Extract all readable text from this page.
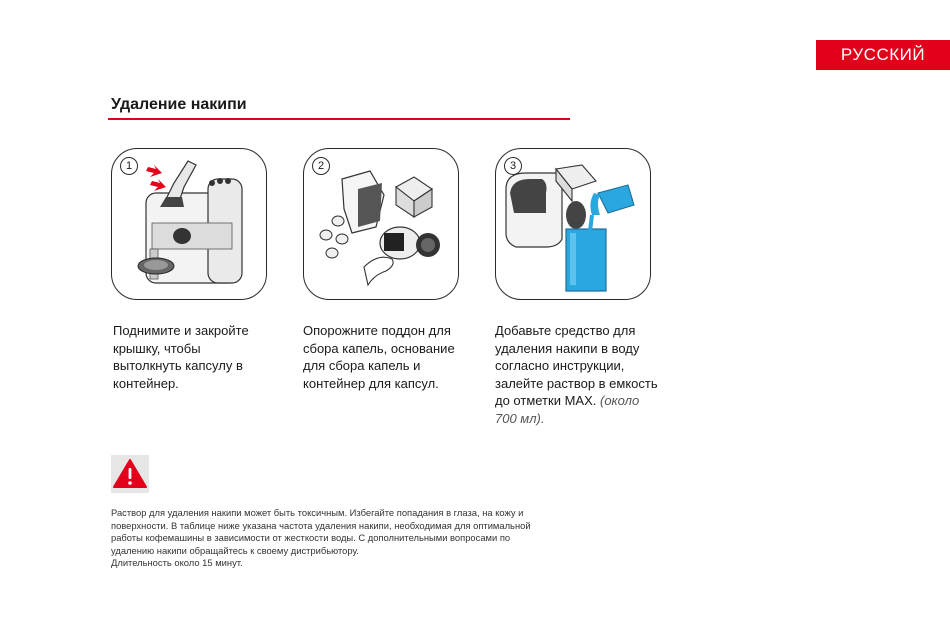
РУССКИЙ
Удаление накипи
1	2	3
Поднимите и закройте
крышку, чтобы
вытолкнуть капсулу в
контейнер.
Опорожните поддон для
сбора капель, основание
для сбора капель и
контейнер для капсул.
Добавьте средство для
удаления накипи в воду
согласно инструкции,
залейте раствор в емкость
до отметки MAX. (около
700 мл).
Раствор для удаления накипи может быть токсичным. Избегайте попадания в глаза, на кожу и
поверхности. В таблице ниже указана частота удаления накипи, необходимая для оптимальной
работы кофемашины в зависимости от жесткости воды. С дополнительными вопросами по
удалению накипи обращайтесь к своему дистрибьютору.
Длительность около 15 минут.
